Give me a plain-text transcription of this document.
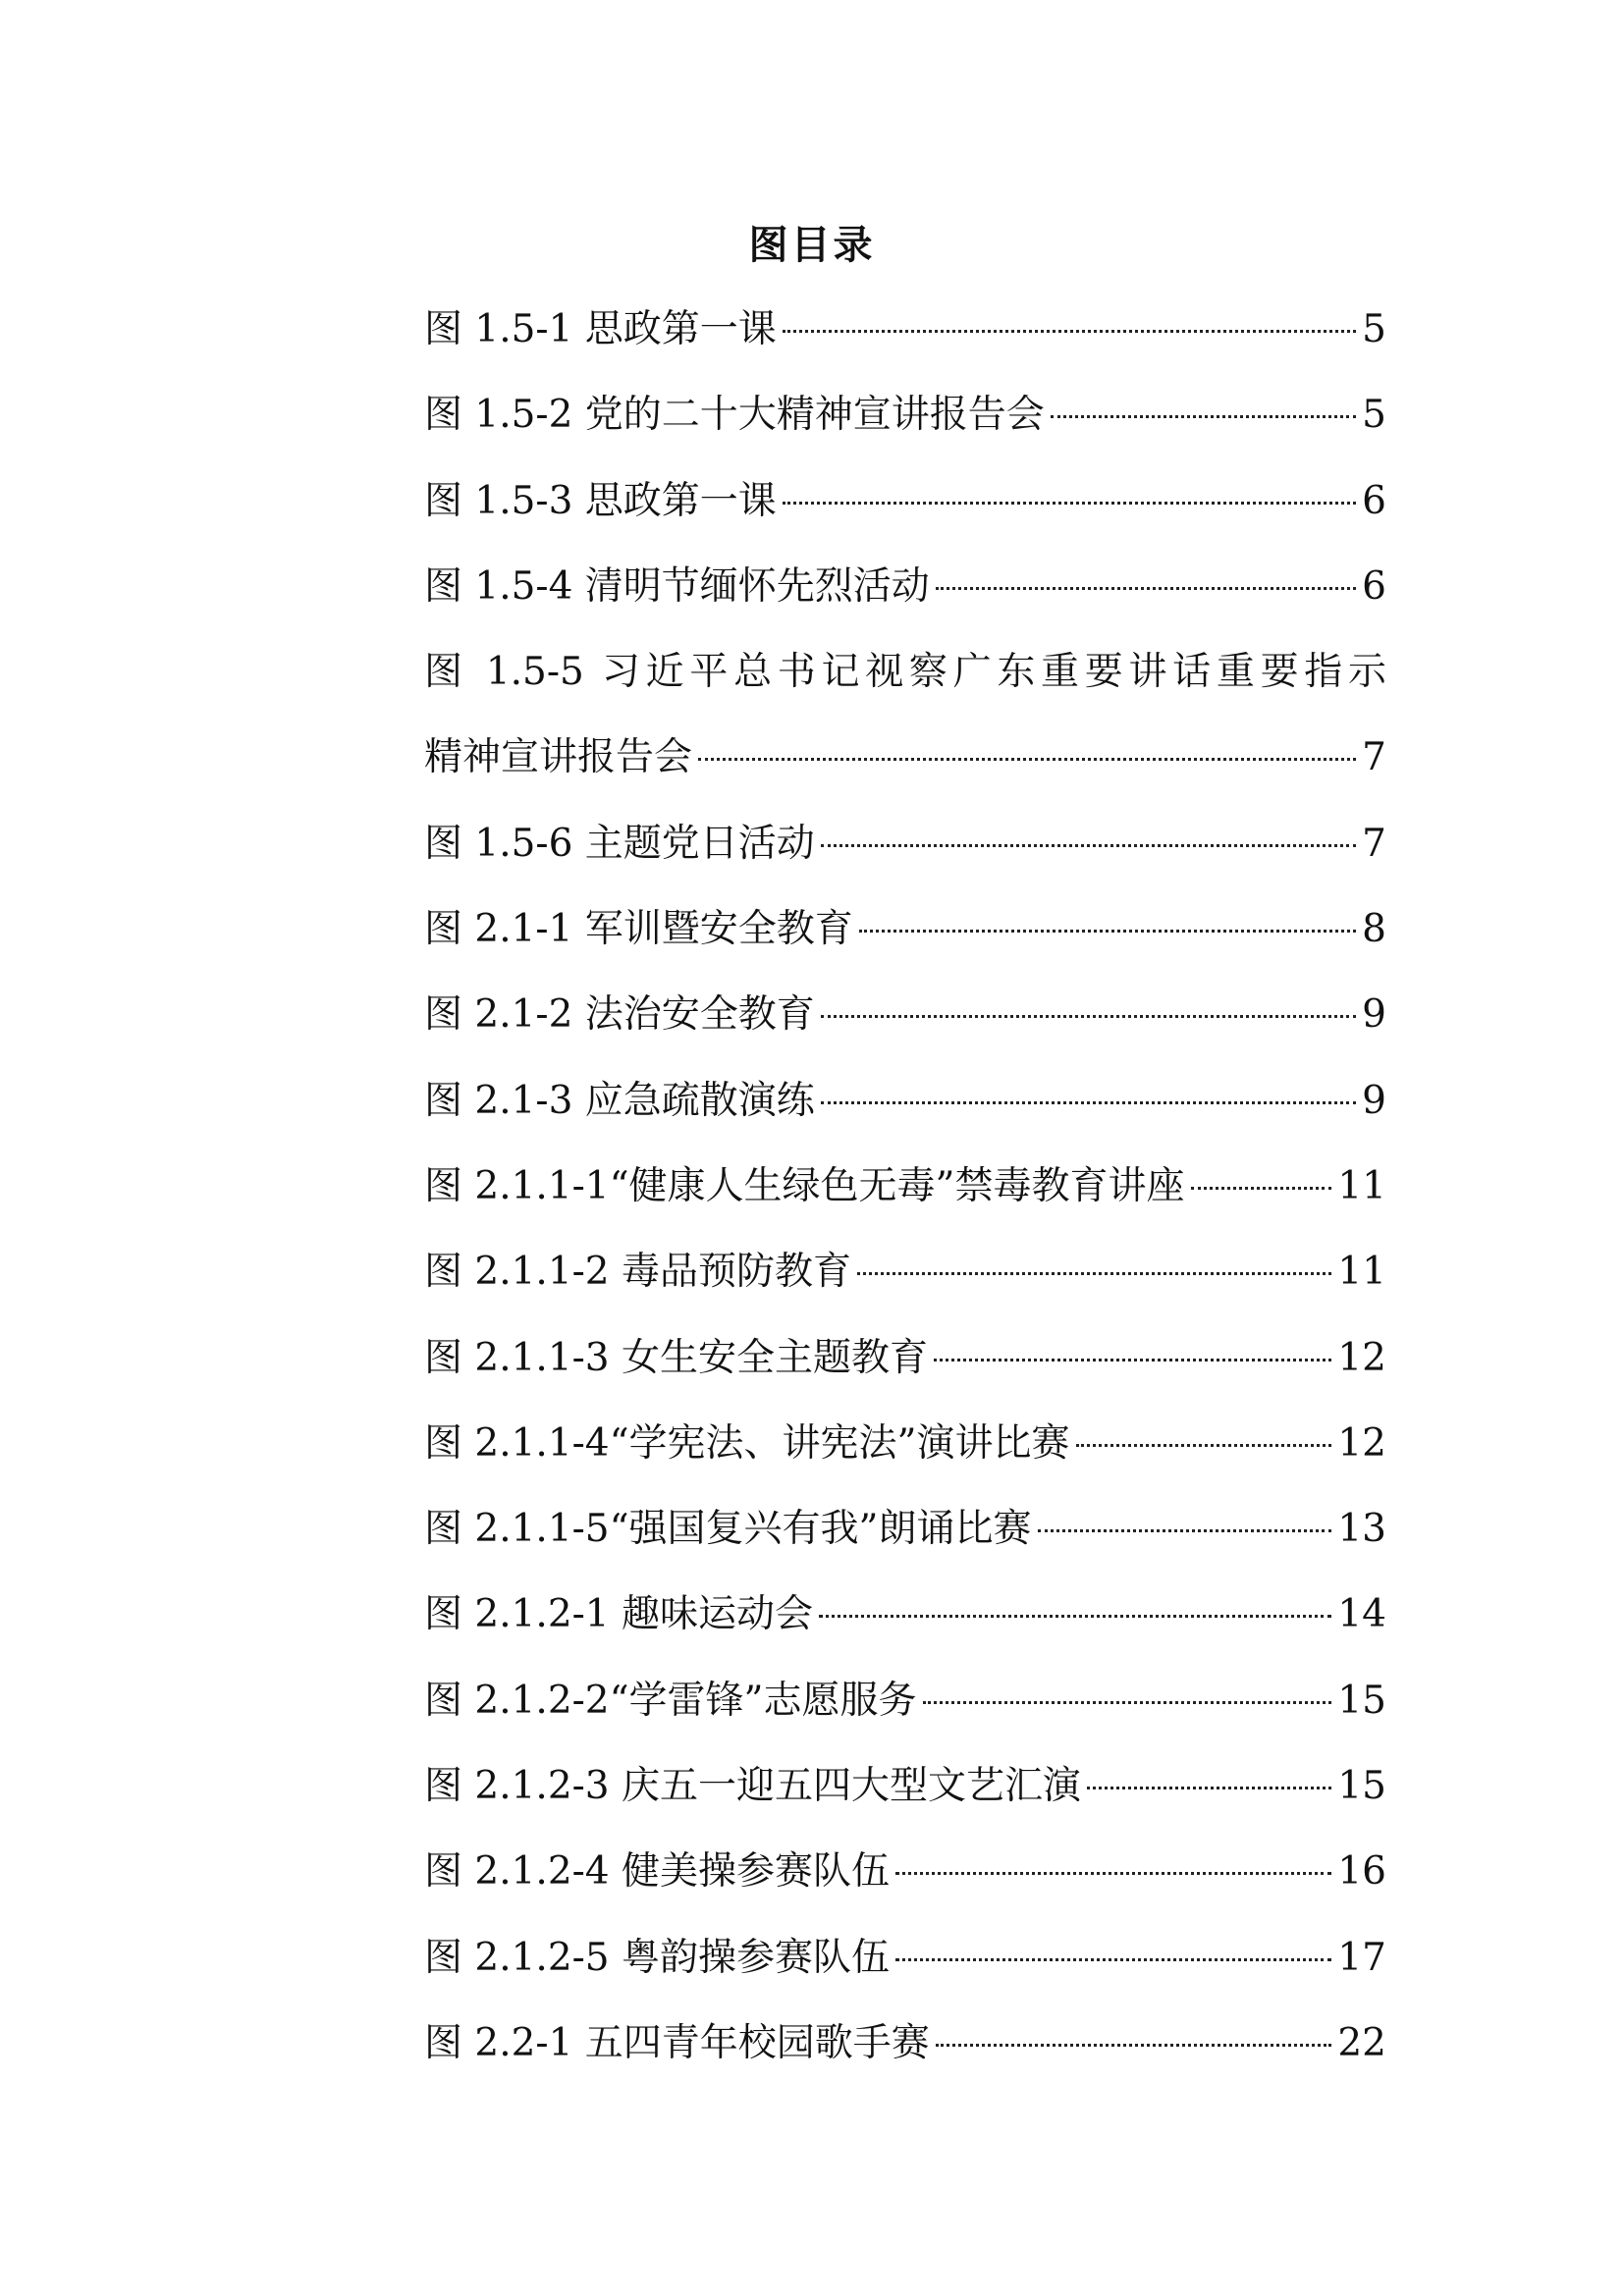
图目录
图 1.5-1 思政第一课	5
图 1.5-2 党的二十大精神宣讲报告会	5
图 1.5-3 思政第一课	6
图 1.5-4 清明节缅怀先烈活动	6
图 1.5-5 习近平总书记视察广东重要讲话重要指示
精神宣讲报告会	7
图 1.5-6 主题党日活动	7
图 2.1-1 军训暨安全教育	8
图 2.1-2 法治安全教育	9
图 2.1-3 应急疏散演练	9
图 2.1.1-1“健康人生绿色无毒”禁毒教育讲座	11
图 2.1.1-2 毒品预防教育	11
图 2.1.1-3 女生安全主题教育	12
图 2.1.1-4“学宪法、讲宪法”演讲比赛	12
图 2.1.1-5“强国复兴有我”朗诵比赛	13
图 2.1.2-1 趣味运动会	14
图 2.1.2-2“学雷锋”志愿服务	15
图 2.1.2-3 庆五一迎五四大型文艺汇演	15
图 2.1.2-4 健美操参赛队伍	16
图 2.1.2-5 粤韵操参赛队伍	17
图 2.2-1 五四青年校园歌手赛	22
